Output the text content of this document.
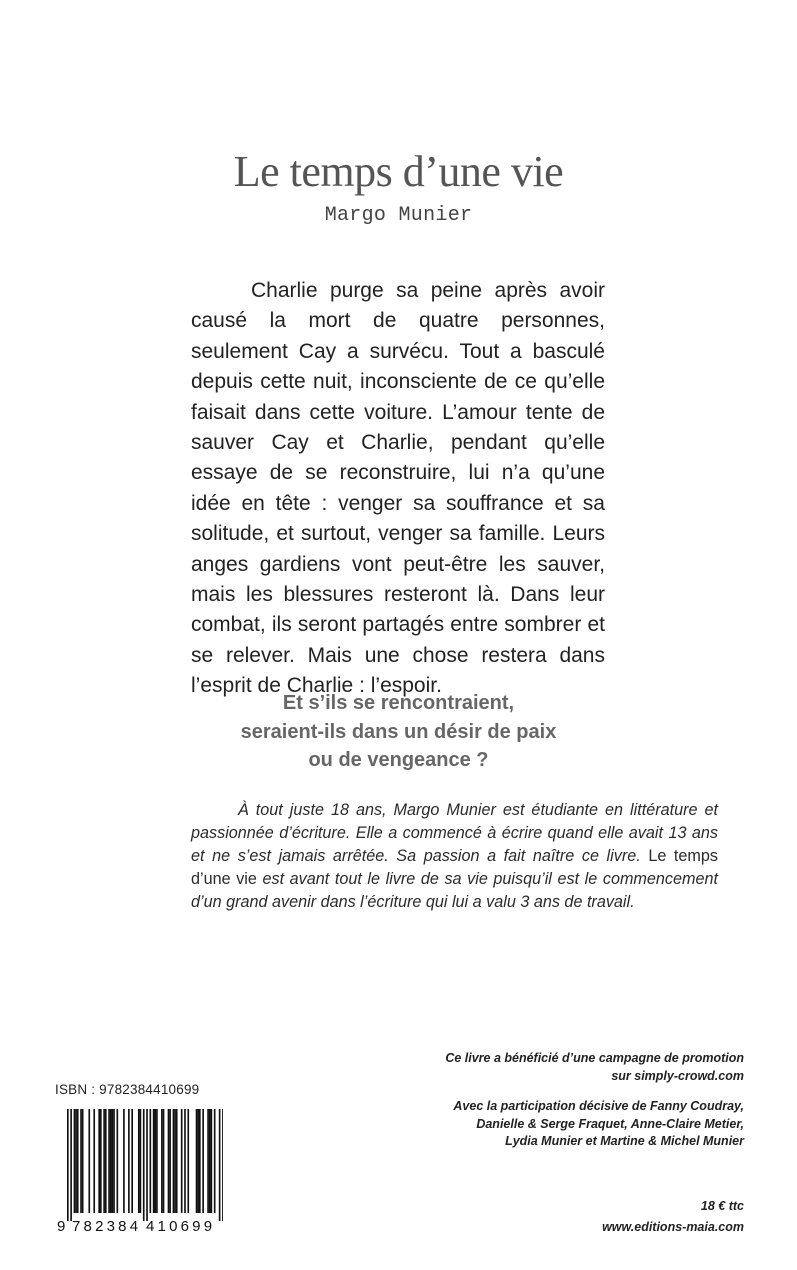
Le temps d’une vie
Margo Munier

Charlie purge sa peine après avoir causé la mort de quatre personnes, seulement Cay a survécu. Tout a basculé depuis cette nuit, inconsciente de ce qu’elle faisait dans cette voiture. L’amour tente de sauver Cay et Charlie, pendant qu’elle essaye de se reconstruire, lui n’a qu’une idée en tête : venger sa souffrance et sa solitude, et surtout, venger sa famille. Leurs anges gardiens vont peut-être les sauver, mais les blessures resteront là. Dans leur combat, ils seront partagés entre sombrer et se relever. Mais une chose restera dans l’esprit de Charlie : l’espoir.

Et s’ils se rencontraient,
seraient-ils dans un désir de paix
ou de vengeance ?

À tout juste 18 ans, Margo Munier est étudiante en littérature et passionnée d’écriture. Elle a commencé à écrire quand elle avait 13 ans et ne s’est jamais arrêtée. Sa passion a fait naître ce livre. Le temps d’une vie est avant tout le livre de sa vie puisqu’il est le commencement d’un grand avenir dans l’écriture qui lui a valu 3 ans de travail.

Ce livre a bénéficié d’une campagne de promotion
sur simply-crowd.com
Avec la participation décisive de Fanny Coudray,
Danielle & Serge Fraquet, Anne-Claire Metier,
Lydia Munier et Martine & Michel Munier
18 € ttc
www.editions-maia.com
ISBN : 9782384410699
9 782384 410699
